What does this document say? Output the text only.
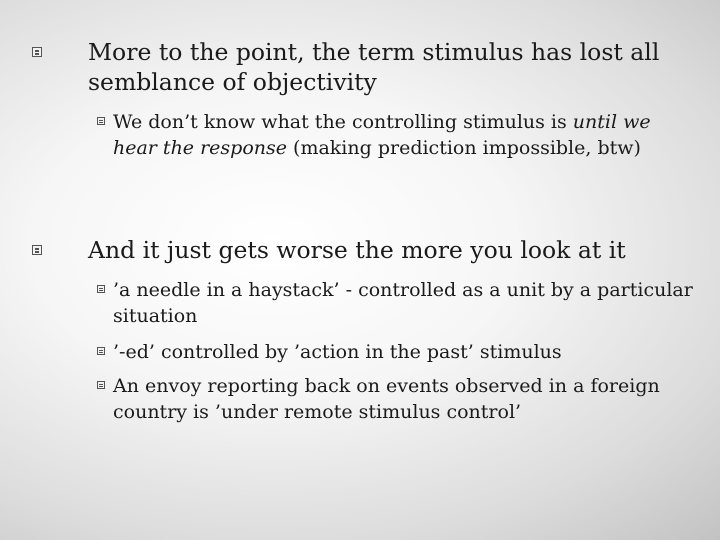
More to the point, the term stimulus has lost all semblance of objectivity
We don’t know what the controlling stimulus is until we hear the response (making prediction impossible, btw)
And it just gets worse the more you look at it
’a needle in a haystack’ - controlled as a unit by a particular situation
’-ed’ controlled by ’action in the past’ stimulus
An envoy reporting back on events observed in a foreign country is ’under remote stimulus control’
